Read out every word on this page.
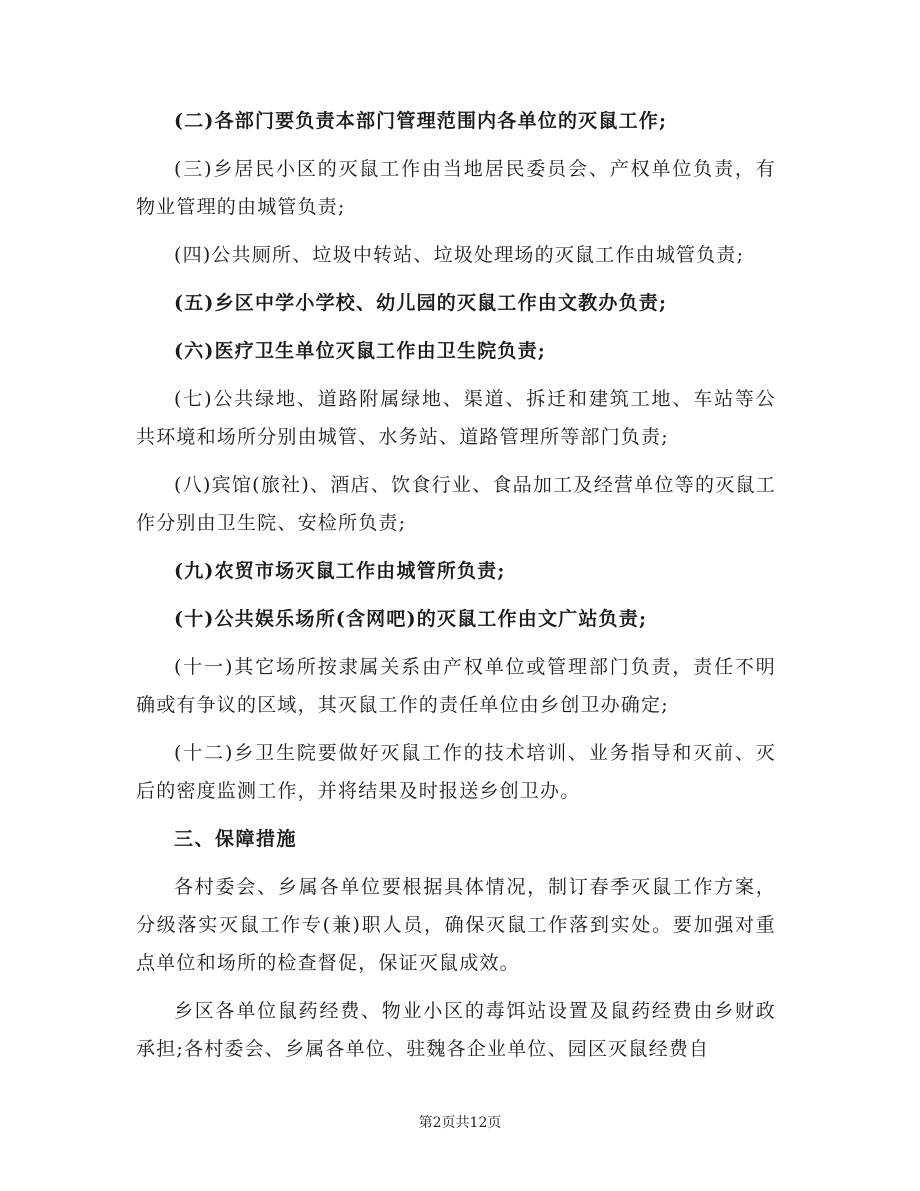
(二)各部门要负责本部门管理范围内各单位的灭鼠工作;

(三)乡居民小区的灭鼠工作由当地居民委员会、产权单位负责，有物业管理的由城管负责;

(四)公共厕所、垃圾中转站、垃圾处理场的灭鼠工作由城管负责;

(五)乡区中学小学校、幼儿园的灭鼠工作由文教办负责;

(六)医疗卫生单位灭鼠工作由卫生院负责;

(七)公共绿地、道路附属绿地、渠道、拆迁和建筑工地、车站等公共环境和场所分别由城管、水务站、道路管理所等部门负责;

(八)宾馆(旅社)、酒店、饮食行业、食品加工及经营单位等的灭鼠工作分别由卫生院、安检所负责;

(九)农贸市场灭鼠工作由城管所负责;

(十)公共娱乐场所(含网吧)的灭鼠工作由文广站负责;

(十一)其它场所按隶属关系由产权单位或管理部门负责，责任不明确或有争议的区域，其灭鼠工作的责任单位由乡创卫办确定;

(十二)乡卫生院要做好灭鼠工作的技术培训、业务指导和灭前、灭后的密度监测工作，并将结果及时报送乡创卫办。

三、保障措施

各村委会、乡属各单位要根据具体情况，制订春季灭鼠工作方案，分级落实灭鼠工作专(兼)职人员，确保灭鼠工作落到实处。要加强对重点单位和场所的检查督促，保证灭鼠成效。

乡区各单位鼠药经费、物业小区的毒饵站设置及鼠药经费由乡财政承担;各村委会、乡属各单位、驻魏各企业单位、园区灭鼠经费自

第2页共12页
